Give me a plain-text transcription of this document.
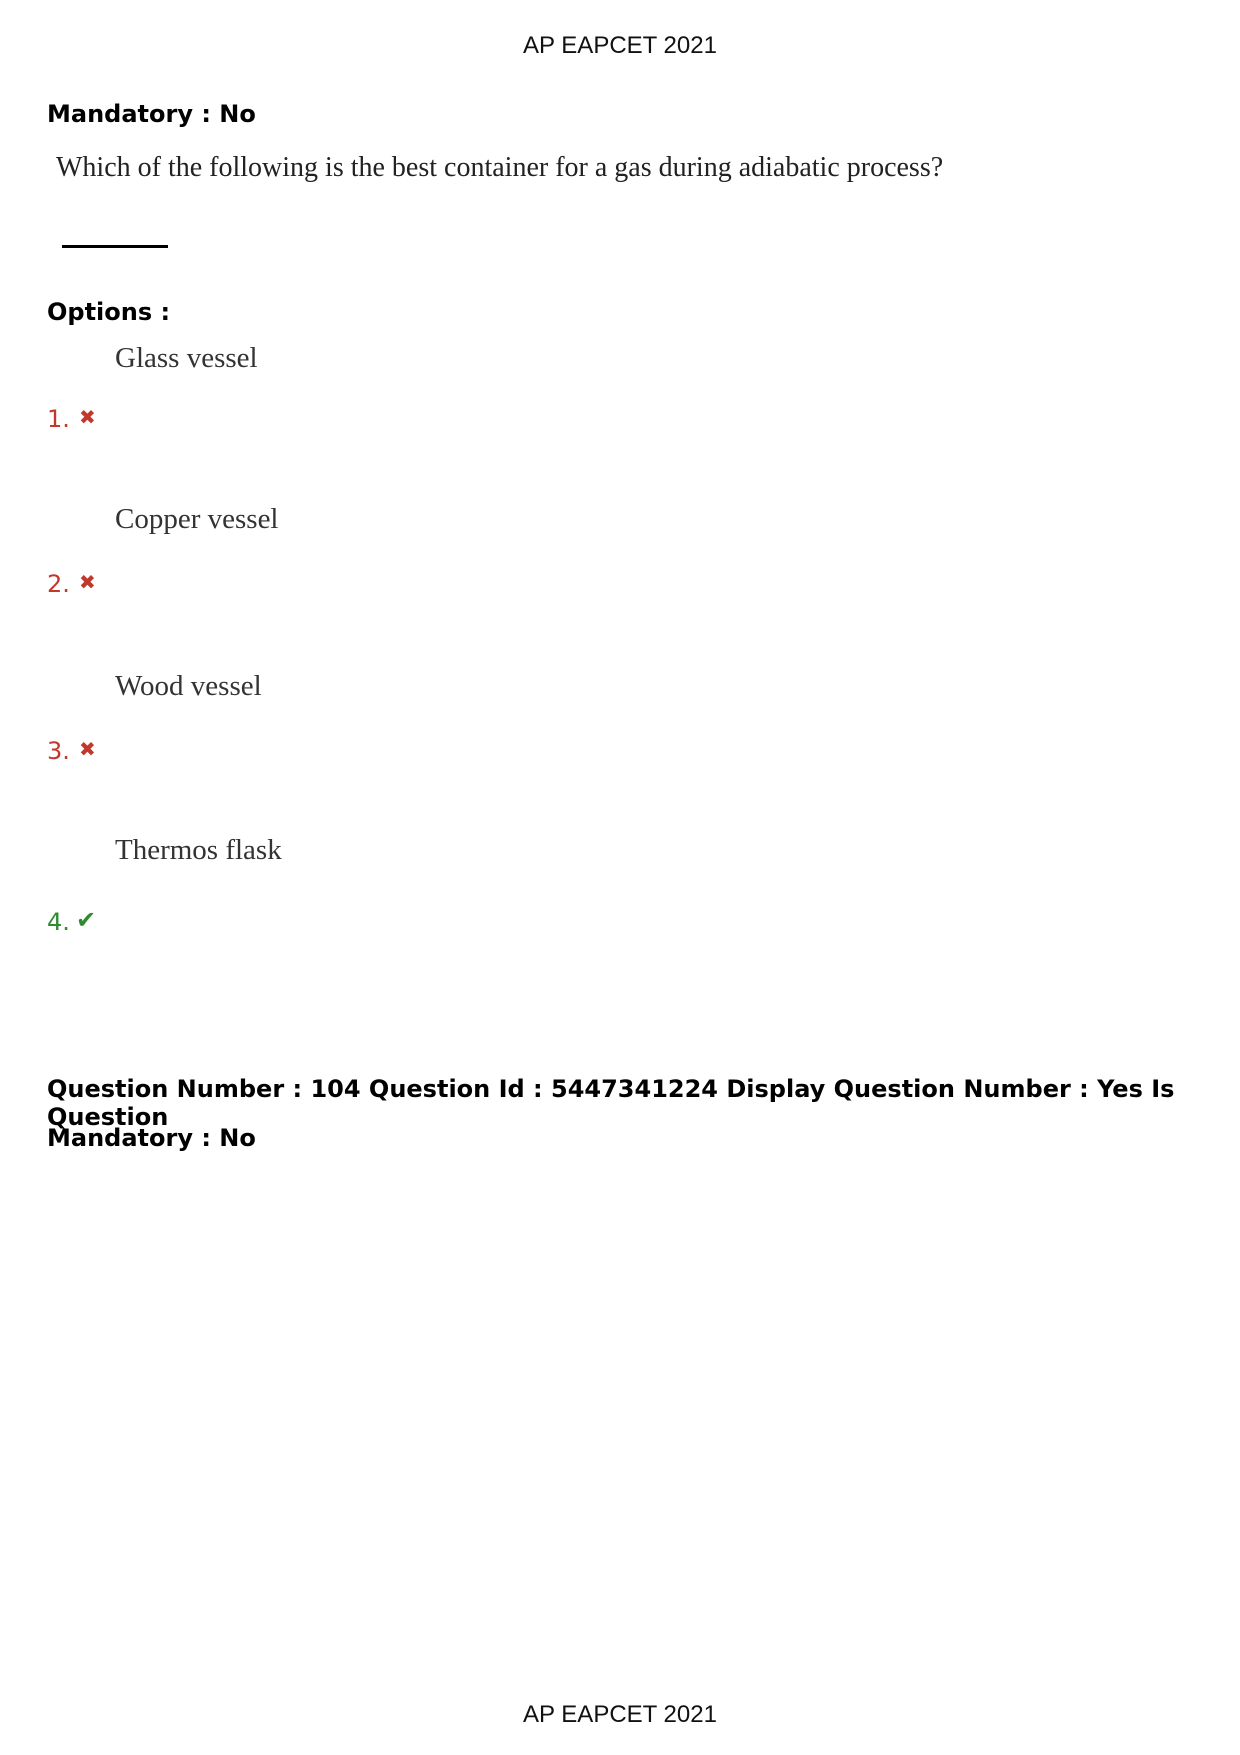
AP EAPCET 2021
Mandatory : No
Which of the following is the best container for a gas during adiabatic process?
Options :
Glass vessel
1. ✖
Copper vessel
2. ✖
Wood vessel
3. ✖
Thermos flask
4. ✔
Question Number : 104 Question Id : 5447341224 Display Question Number : Yes Is Question
Mandatory : No
AP EAPCET 2021
